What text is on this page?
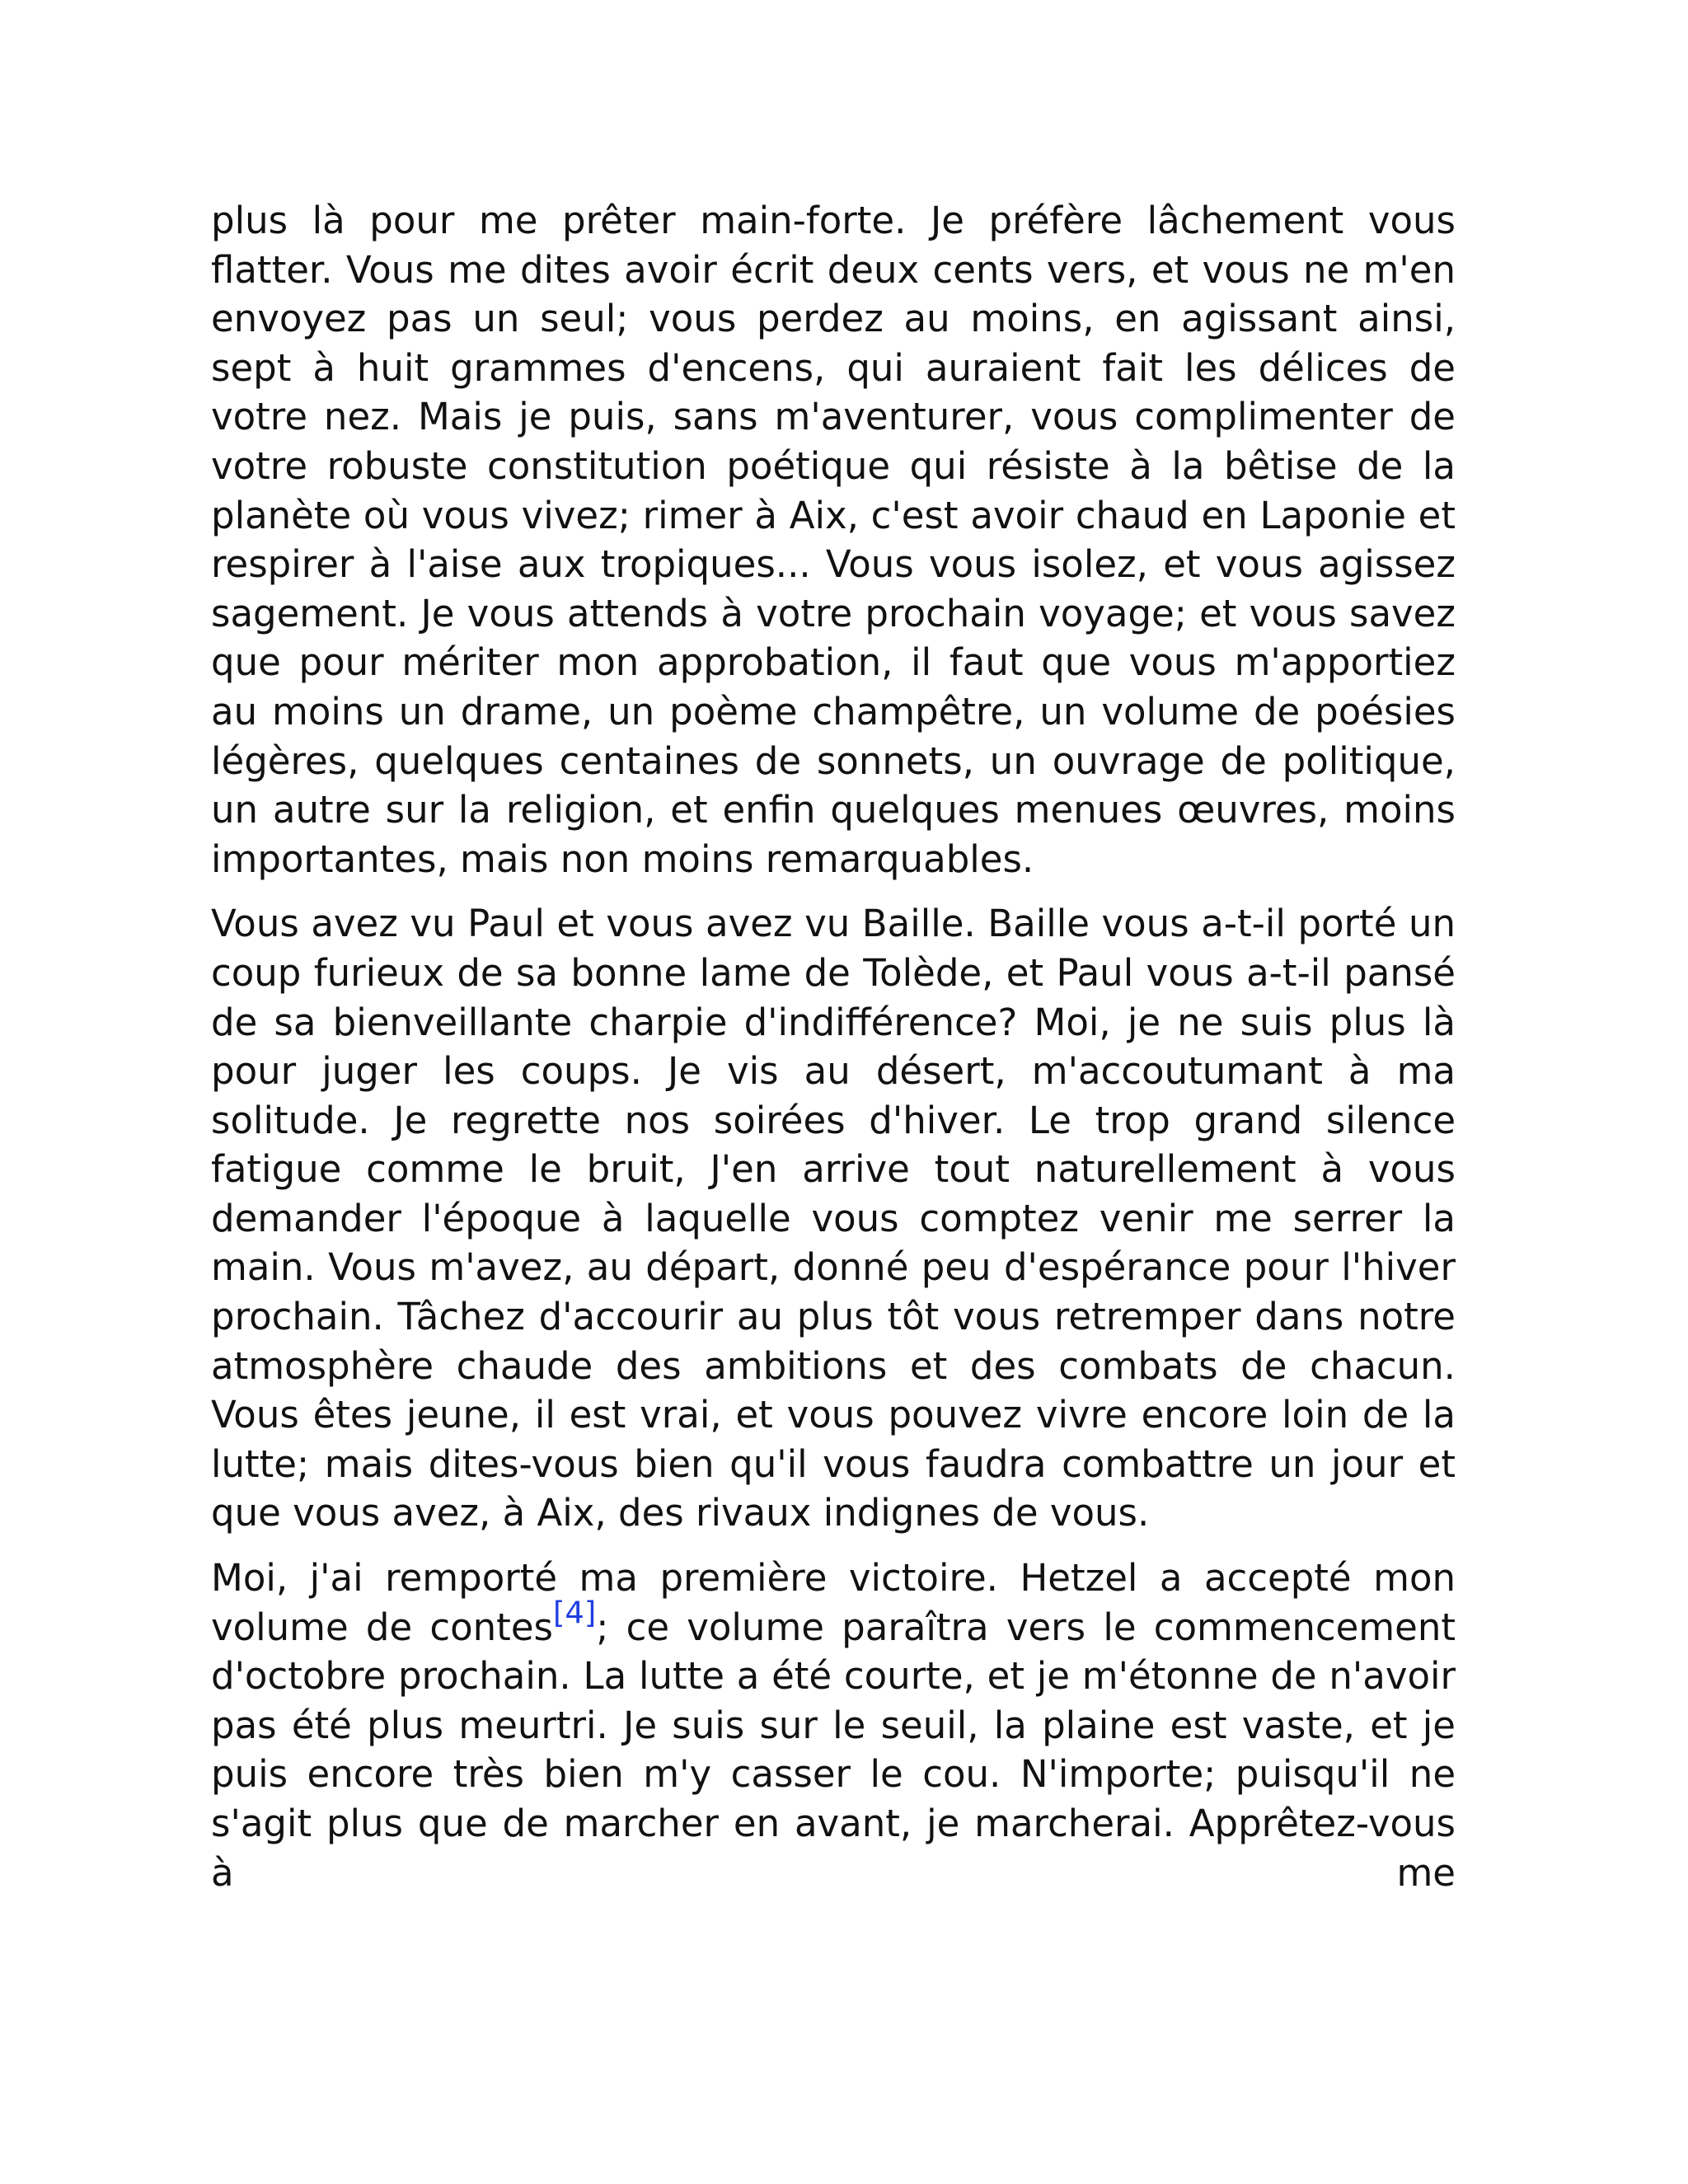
plus là pour me prêter main-forte. Je préfère lâchement vous flatter. Vous me dites avoir écrit deux cents vers, et vous ne m'en envoyez pas un seul; vous perdez au moins, en agissant ainsi, sept à huit grammes d'encens, qui auraient fait les délices de votre nez. Mais je puis, sans m'aventurer, vous complimenter de votre robuste constitution poétique qui résiste à la bêtise de la planète où vous vivez; rimer à Aix, c'est avoir chaud en Laponie et respirer à l'aise aux tropiques... Vous vous isolez, et vous agissez sagement. Je vous attends à votre prochain voyage; et vous savez que pour mériter mon approbation, il faut que vous m'apportiez au moins un drame, un poème champêtre, un volume de poésies légères, quelques centaines de sonnets, un ouvrage de politique, un autre sur la religion, et enfin quelques menues œuvres, moins importantes, mais non moins remarquables.

Vous avez vu Paul et vous avez vu Baille. Baille vous a-t-il porté un coup furieux de sa bonne lame de Tolède, et Paul vous a-t-il pansé de sa bienveillante charpie d'indifférence? Moi, je ne suis plus là pour juger les coups. Je vis au désert, m'accoutumant à ma solitude. Je regrette nos soirées d'hiver. Le trop grand silence fatigue comme le bruit, J'en arrive tout naturellement à vous demander l'époque à laquelle vous comptez venir me serrer la main. Vous m'avez, au départ, donné peu d'espérance pour l'hiver prochain. Tâchez d'accourir au plus tôt vous retremper dans notre atmosphère chaude des ambitions et des combats de chacun. Vous êtes jeune, il est vrai, et vous pouvez vivre encore loin de la lutte; mais dites-vous bien qu'il vous faudra combattre un jour et que vous avez, à Aix, des rivaux indignes de vous.

Moi, j'ai remporté ma première victoire. Hetzel a accepté mon volume de contes[4]; ce volume paraîtra vers le commencement d'octobre prochain. La lutte a été courte, et je m'étonne de n'avoir pas été plus meurtri. Je suis sur le seuil, la plaine est vaste, et je puis encore très bien m'y casser le cou. N'importe; puisqu'il ne s'agit plus que de marcher en avant, je marcherai. Apprêtez-vous à me
